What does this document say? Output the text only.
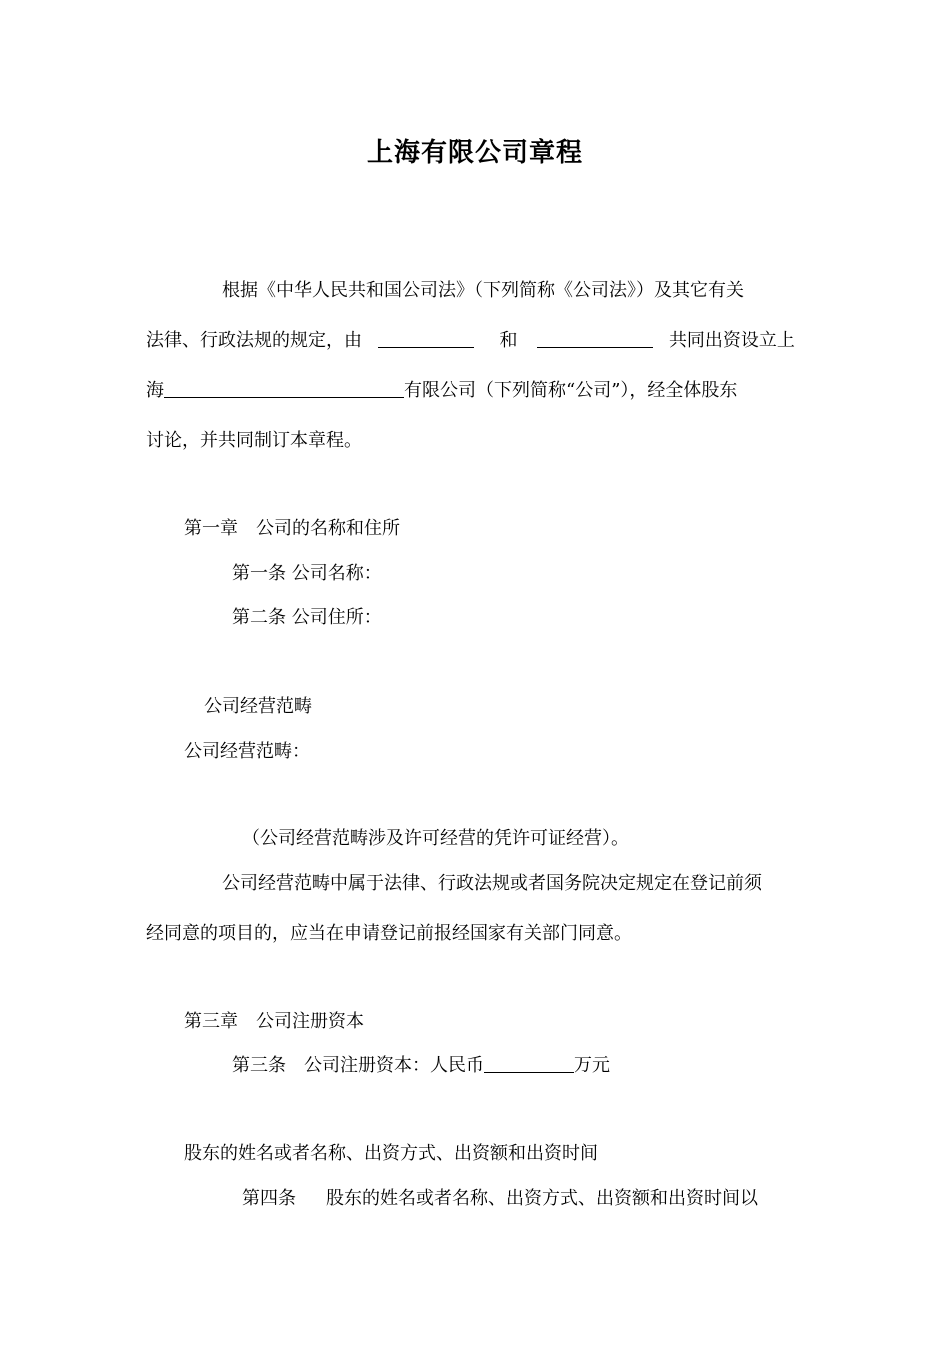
上海有限公司章程
根据《中华人民共和国公司法》（下列简称《公司法》）及其它有关
法律、行政法规的规定，由	和	共同出资设立上
海	有限公司（下列简称“公司”），经全体股东
讨论，并共同制订本章程。
第一章　公司的名称和住所
第一条 公司名称：
第二条 公司住所：
公司经营范畴
公司经营范畴：
（公司经营范畴涉及许可经营的凭许可证经营）。
公司经营范畴中属于法律、行政法规或者国务院决定规定在登记前须
经同意的项目的，应当在申请登记前报经国家有关部门同意。
第三章　公司注册资本
第三条　公司注册资本：人民币	万元
股东的姓名或者名称、出资方式、出资额和出资时间
第四条 股东的姓名或者名称、出资方式、出资额和出资时间以
